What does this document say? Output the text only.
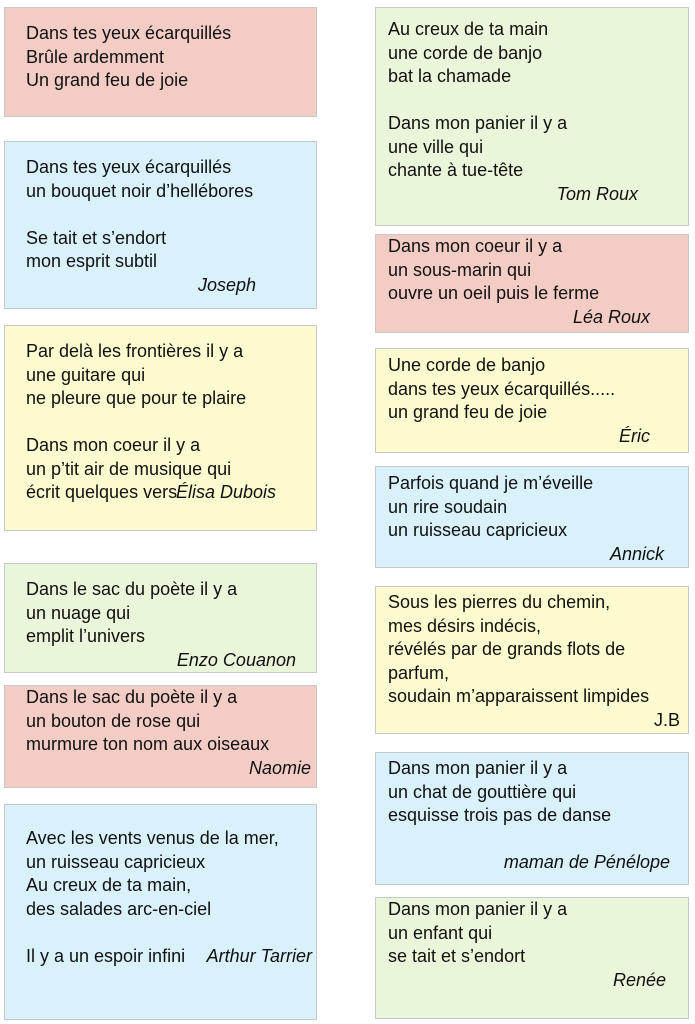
Dans tes yeux écarquillés
Brûle ardemment
Un grand feu de joie
Dans tes yeux écarquillés
un bouquet noir d’hellébores
Se tait et s’endort
mon esprit subtil
Joseph
Par delà les frontières il y a
une guitare qui
ne pleure que pour te plaire
Dans mon coeur il y a
un p’tit air de musique qui
écrit quelques vers
Élisa Dubois
Dans le sac du poète il y a
un nuage qui
emplit l’univers
Enzo Couanon
Dans le sac du poète il y a
un bouton de rose qui
murmure ton nom aux oiseaux
Naomie
Avec les vents venus de la mer,
un ruisseau capricieux
Au creux de ta main,
des salades arc-en-ciel
Il y a un espoir infini	Arthur Tarrier
Au creux de ta main
une corde de banjo
bat la chamade
Dans mon panier il y a
une ville qui
chante à tue-tête
Tom Roux
Dans mon coeur il y a
un sous-marin qui
ouvre un oeil puis le ferme
Léa Roux
Une corde de banjo
dans tes yeux écarquillés.....
un grand feu de joie
Éric
Parfois quand je m’éveille
un rire soudain
un ruisseau capricieux
Annick
Sous les pierres du chemin,
mes désirs indécis,
révélés par de grands flots de
parfum,
soudain m’apparaissent limpides
J.B
Dans mon panier il y a
un chat de gouttière qui
esquisse trois pas de danse
maman de Pénélope
Dans mon panier il y a
un enfant qui
se tait et s’endort
Renée
